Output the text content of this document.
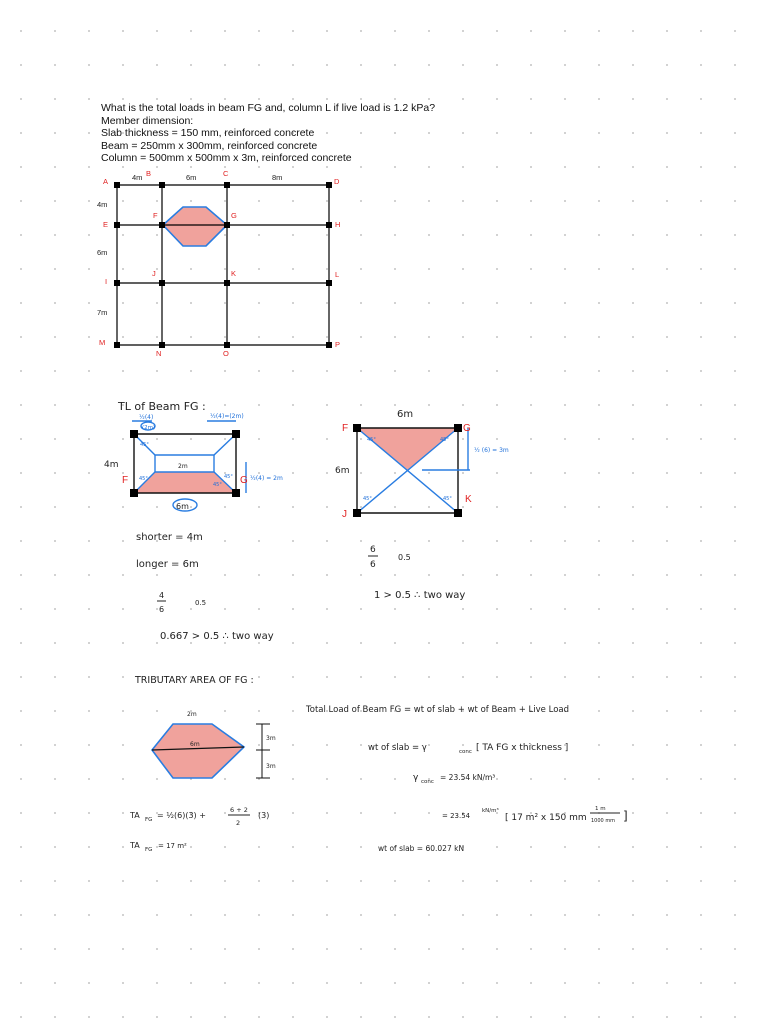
What is the total loads in beam FG and, column L if live load is 1.2 kPa?
Member dimension:
Slab thickness = 150 mm, reinforced concrete
Beam = 250mm x 300mm, reinforced concrete
Column = 500mm x 500mm x 3m, reinforced concrete
A
B	C
D
E
F	G
H
I
J	K	L
M
N	O
P
4m	6m	8m
4m
6m
7m
TL of Beam FG :
6m
4m	2m
½(4)
(2m)
½(4)=(2m)
½(4) = 2m
45°
45°
45°
45°
F	G
6m
6m
½ (6) = 3m
45°	45°
45°	45°
F	G
J
K
shorter = 4m
longer = 6m
4
6
0.5
0.667 > 0.5 ∴ two way
6
6
0.5
1 > 0.5 ∴ two way
TRIBUTARY AREA OF FG :
2m
6m
3m
3m
TA FG = ½(6)(3) +
6 + 2
2
(3)
TA FG = 17 m²
Total Load of Beam FG = wt of slab + wt of Beam + Live Load
wt of slab = γ	conc [ TA FG x thickness ]
γ conc = 23.54 kN/m³
= 23.54
kN/m³
[ 17 m² x 150 mm
1 m
1000 mm ]
wt of slab = 60.027 kN
